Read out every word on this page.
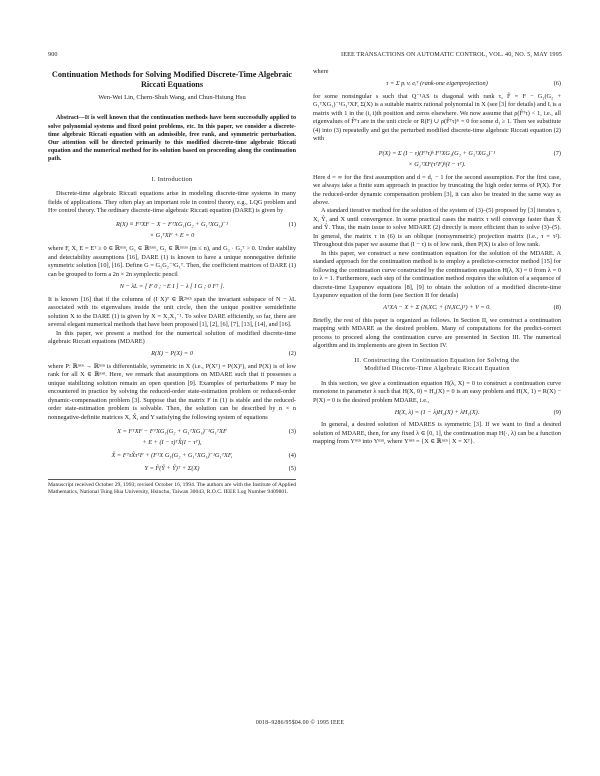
900	IEEE TRANSACTIONS ON AUTOMATIC CONTROL, VOL. 40, NO. 5, MAY 1995
Continuation Methods for Solving Modified Discrete-Time Algebraic Riccati Equations
Wen-Wei Lin, Chern-Shuh Wang, and Chun-Hsiung Hsu

Abstract—It is well known that the continuation methods have been successfully applied to solve polynomial systems and fixed point problems, etc. In this paper, we consider a discrete-time algebraic Riccati equation with an admissible, free rank, and symmetric perturbation. Our attention will be directed primarily to this modified discrete-time algebraic Riccati equation and the numerical method for its solution based on proceeding along the continuation path.

I. Introduction

Discrete-time algebraic Riccati equations arise in modeling discrete-time systems in many fields of applications. They often play an important role in control theory, e.g., LQG problem and H∞ control theory. The ordinary discrete-time algebraic Riccati equation (DARE) is given by

R(X) ≡ FᵀXF − X − FᵀXG₁(G₂ + G₁ᵀXG₁)⁻¹
× G₁ᵀXF + E = 0
(1)

where F, X, E = Eᵀ ≥ 0 ∈ ℝⁿˣⁿ, G₁ ∈ ℝⁿˣᵐ, G₂ ∈ ℝᵐˣᵐ (m ≤ n), and G₂ · G₂ᵀ > 0. Under stability and detectability assumptions [16], DARE (1) is known to have a unique nonnegative definite symmetric solution [10], [16]. Define G = G₁G₂⁻¹G₁ᵀ. Then, the coefficient matrices of DARE (1) can be grouped to form a 2n × 2n symplectic pencil

N − λL = [ F 0 ; −E I ] − λ [ I G ; 0 Fᵀ ].

It is known [16] that if the columns of (I X)ᵀ ∈ ℝ²ⁿˣⁿ span the invariant subspace of N − λL associated with its eigenvalues inside the unit circle, then the unique positive semidefinite solution X to the DARE (1) is given by X = X₂X₁⁻¹. To solve DARE efficiently, so far, there are several elegant numerical methods that have been proposed [1], [2], [6], [7], [13], [14], and [16].

In this paper, we present a method for the numerical solution of modified discrete-time algebraic Riccati equations (MDARE)

R(X) − P(X) = 0	(2)

where P: ℝⁿˣⁿ → ℝⁿˣⁿ is differentiable, symmetric in X (i.e., P(Xᵀ) = P(X)ᵀ), and P(X) is of low rank for all X ∈ ℝⁿˣⁿ. Here, we remark that assumptions on MDARE such that it possesses a unique stabilizing solution remain an open question [9]. Examples of perturbations P may be encountered in practice by solving the reduced-order state-estimation problem or reduced-order dynamic-compensation problem [3]. Suppose that the matrix F in (1) is stable and the reduced-order state-estimation problem is solvable. Then, the solution can be described by n × n nonnegative-definite matrices X, X̂, and Y satisfying the following system of equations

X = FᵀXF − FᵀXG₁(G₂ + G₁ᵀXG₁)⁻¹G₁ᵀXF
+ E + (I − τ)ᵀX̂(I − τᵀ),
(3)
X̂ = FᵀτX̂τᵀF + (FᵀX G₁(G₂ + G₁ᵀXG₁)⁻¹G₁ᵀXF,	(4)
Y = F̂(Ŷ + Ŷ)ᵀ + Σ(X)	(5)
Manuscript received October 29, 1993; revised October 16, 1994. The authors are with the Institute of Applied Mathematics, National Tsing Hua University, Hsinchu, Taiwan 30043, R.O.C. IEEE Log Number 9409801.

where

τ = Σ pᵢ vᵢ eᵢᵀ (rank-one eigenprojection)	(6)

for some nonsingular s such that Q⁻¹AS is diagonal with rank τ, F̂ = F − G₁(G₂ + G₁ᵀXG₁)⁻¹G₁ᵀXF, Σ(X) is a suitable matrix rational polynomial in X (see [3] for details) and Iᵢ is a matrix with 1 in the (i, i)th position and zeros elsewhere. We now assume that ρ(F̂ᵀτ) < 1, i.e., all eigenvalues of F̂ᵀτ are in the unit circle or R(F) ∪ ρ(F̂ᵀτ)ᴷ = 0 for some d₁ ≥ 1. Then we substitute (4) into (3) repeatedly and get the perturbed modified discrete-time algebraic Riccati equation (2) with

P(X) = Σ (I − τ)(Fᵀτ)ᵏ FᵀXG₁(G₂ + G₁ᵀXG₁)⁻¹
× G₁ᵀXF(τᵀF)ᵏ(I − τᵀ).
(7)

Here d = ∞ for the first assumption and d = d₁ − 1 for the second assumption. For the first case, we always take a finite sum approach in practice by truncating the high order terms of P(X). For the reduced-order dynamic compensation problem [3], it can also be treated in the same way as above.

A standard iterative method for the solution of the system of (3)–(5) proposed by [3] iterates τ, X, Ŷ, and X until convergence. In some practical cases the matrix τ will converge faster than X̂ and Ŷ. Thus, the main issue to solve MDARE (2) directly is more efficient than to solve (3)–(5). In general, the matrix τ in (6) is an oblique (nonsymmetric) projection matrix (i.e., τ = τ²). Throughout this paper we assume that (I − τ) is of low rank, then P(X) is also of low rank.

In this paper, we construct a new continuation equation for the solution of the MDARE. A standard approach for the continuation method is to employ a predictor-corrector method [15] for following the continuation curve constructed by the continuation equation H(λ, X) = 0 from λ = 0 to λ = 1. Furthermore, each step of the continuation method requires the solution of a sequence of discrete-time Lyapunov equations [8], [9] to obtain the solution of a modified discrete-time Lyapunov equation of the form (see Section II for details)

AᵀXA − X + Σ (NᵢXCᵢ + (NᵢXCᵢ)ᵀ) + V = 0.	(8)

Briefly, the rest of this paper is organized as follows. In Section II, we construct a continuation mapping with MDARE as the desired problem. Many of computations for the predict-correct process to proceed along the continuation curve are presented in Section III. The numerical algorithm and its implements are given in Section IV.

II. Constructing the Continuation Equation for Solving the
Modified Discrete-Time Algebraic Riccati Equation

In this section, we give a continuation equation H(λ, X) = 0 to construct a continuation curve monotone in parameter λ such that H(X, 0) = H₀(X) = 0 is an easy problem and H(X, 1) = R(X) − P(X) = 0 is the desired problem MDARE, i.e.,

H(X, λ) = (1 − λ)H₀(X) + λH₁(X).	(9)

In general, a desired solution of MDARES is symmetric [3]. If we want to find a desired solution of MDARE, then, for any fixed λ ∈ [0, 1], the continuation map H(·, λ) can be a function mapping from Υⁿˣⁿ into Υⁿˣⁿ, where Υⁿˣⁿ = {X ∈ ℝⁿˣⁿ | X = Xᵀ}.

0018–9286/95$04.00 © 1995 IEEE
